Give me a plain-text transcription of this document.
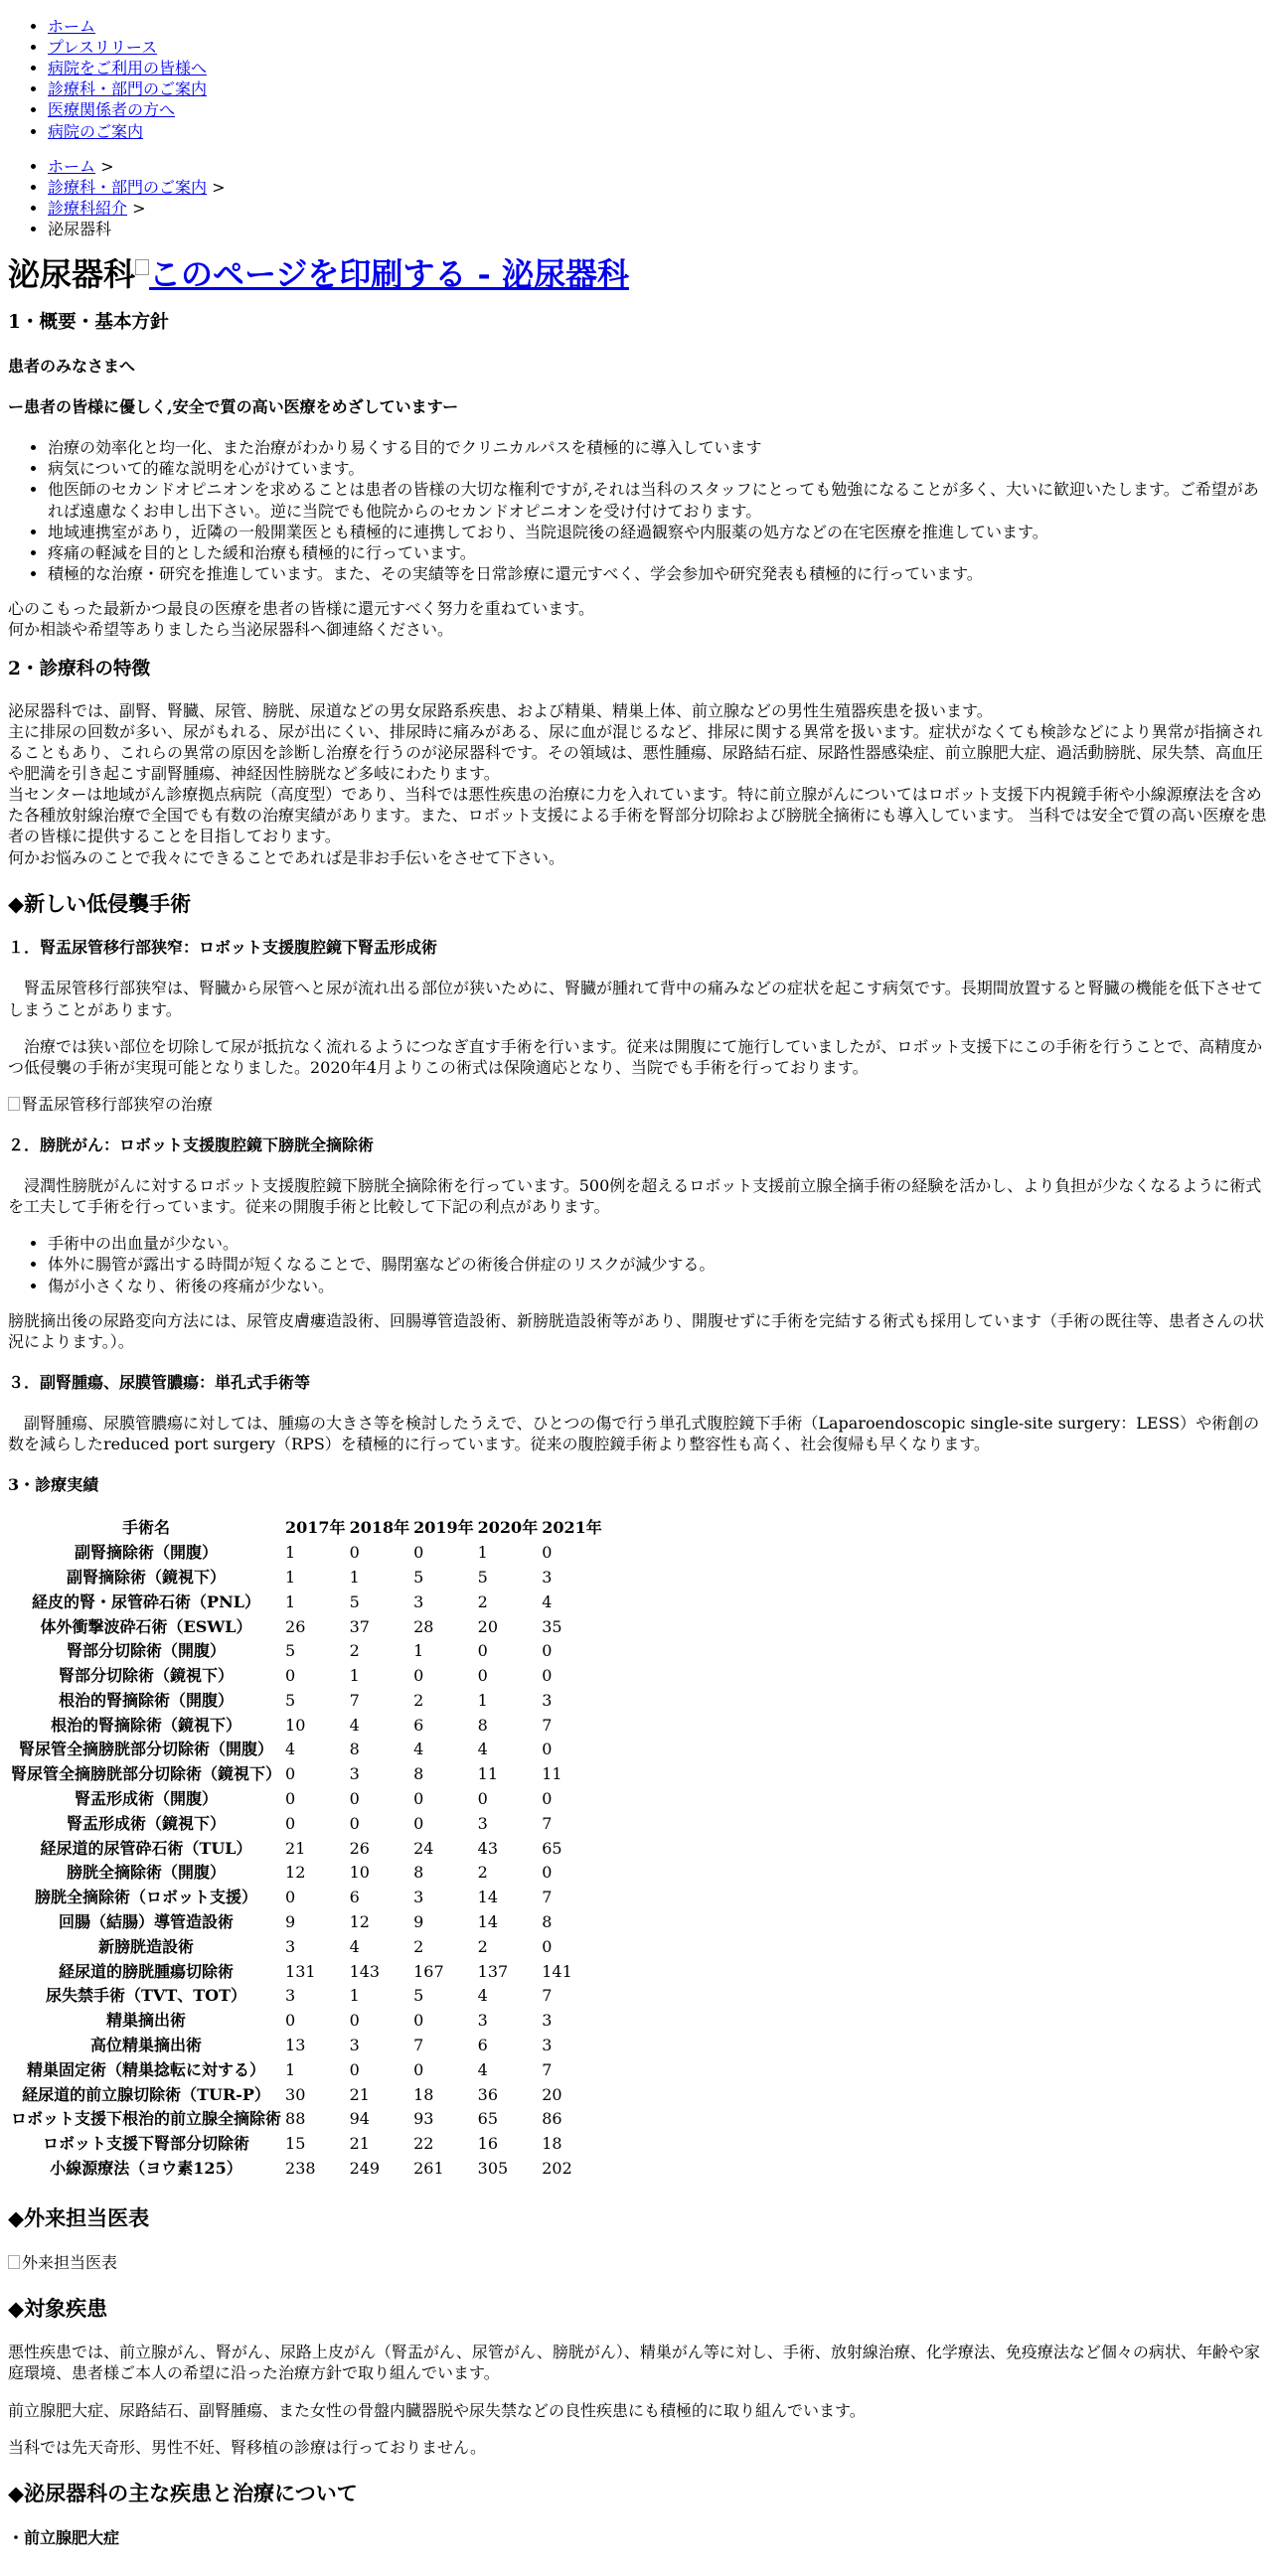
• ホーム
• プレスリリース
• 病院をご利用の皆様へ
• 診療科・部門のご案内
• 医療関係者の方へ
• 病院のご案内
• ホーム >
• 診療科・部門のご案内 >
• 診療科紹介 >
• 泌尿器科
泌尿器科 このページを印刷する - 泌尿器科
1・概要・基本方針
患者のみなさまへ
ー患者の皆様に優しく,安全で質の高い医療をめざしていますー
• 治療の効率化と均一化、また治療がわかり易くする目的でクリニカルパスを積極的に導入しています
• 病気について的確な説明を心がけています。
• 他医師のセカンドオピニオンを求めることは患者の皆様の大切な権利ですが,それは当科のスタッフにとっても勉強になることが多く、大いに歓迎いたします。ご希望があれば遠慮なくお申し出下さい。逆に当院でも他院からのセカンドオピニオンを受け付けております。
• 地域連携室があり，近隣の一般開業医とも積極的に連携しており、当院退院後の経過観察や内服薬の処方などの在宅医療を推進しています。
• 疼痛の軽減を目的とした緩和治療も積極的に行っています。
• 積極的な治療・研究を推進しています。また、その実績等を日常診療に還元すべく、学会参加や研究発表も積極的に行っています。

心のこもった最新かつ最良の医療を患者の皆様に還元すべく努力を重ねています。
何か相談や希望等ありましたら当泌尿器科へ御連絡ください。

2・診療科の特徴

泌尿器科では、副腎、腎臓、尿管、膀胱、尿道などの男女尿路系疾患、および精巣、精巣上体、前立腺などの男性生殖器疾患を扱います。
主に排尿の回数が多い、尿がもれる、尿が出にくい、排尿時に痛みがある、尿に血が混じるなど、排尿に関する異常を扱います。症状がなくても検診などにより異常が指摘されることもあり、これらの異常の原因を診断し治療を行うのが泌尿器科です。その領域は、悪性腫瘍、尿路結石症、尿路性器感染症、前立腺肥大症、過活動膀胱、尿失禁、高血圧や肥満を引き起こす副腎腫瘍、神経因性膀胱など多岐にわたります。
当センターは地域がん診療拠点病院（高度型）であり、当科では悪性疾患の治療に力を入れています。特に前立腺がんについてはロボット支援下内視鏡手術や小線源療法を含めた各種放射線治療で全国でも有数の治療実績があります。また、ロボット支援による手術を腎部分切除および膀胱全摘術にも導入しています。 当科では安全で質の高い医療を患者の皆様に提供することを目指しております。
何かお悩みのことで我々にできることであれば是非お手伝いをさせて下さい。

◆新しい低侵襲手術
１．腎盂尿管移行部狭窄：ロボット支援腹腔鏡下腎盂形成術

腎盂尿管移行部狭窄は、腎臓から尿管へと尿が流れ出る部位が狭いために、腎臓が腫れて背中の痛みなどの症状を起こす病気です。長期間放置すると腎臓の機能を低下させてしまうことがあります。

治療では狭い部位を切除して尿が抵抗なく流れるようにつなぎ直す手術を行います。従来は開腹にて施行していましたが、ロボット支援下にこの手術を行うことで、高精度かつ低侵襲の手術が実現可能となりました。2020年4月よりこの術式は保険適応となり、当院でも手術を行っております。

腎盂尿管移行部狭窄の治療
２．膀胱がん：ロボット支援腹腔鏡下膀胱全摘除術

浸潤性膀胱がんに対するロボット支援腹腔鏡下膀胱全摘除術を行っています。500例を超えるロボット支援前立腺全摘手術の経験を活かし、より負担が少なくなるように術式を工夫して手術を行っています。従来の開腹手術と比較して下記の利点があります。

• 手術中の出血量が少ない。
• 体外に腸管が露出する時間が短くなることで、腸閉塞などの術後合併症のリスクが減少する。
• 傷が小さくなり、術後の疼痛が少ない。

膀胱摘出後の尿路変向方法には、尿管皮膚瘻造設術、回腸導管造設術、新膀胱造設術等があり、開腹せずに手術を完結する術式も採用しています（手術の既往等、患者さんの状況によります。）。

３．副腎腫瘍、尿膜管膿瘍：単孔式手術等

副腎腫瘍、尿膜管膿瘍に対しては、腫瘍の大きさ等を検討したうえで、ひとつの傷で行う単孔式腹腔鏡下手術（Laparoendoscopic single-site surgery：LESS）や術創の数を減らしたreduced port surgery（RPS）を積極的に行っています。従来の腹腔鏡手術より整容性も高く、社会復帰も早くなります。

3・診療実績
手術名	2017年	2018年	2019年	2020年	2021年
副腎摘除術（開腹）	1	0	0	1	0
副腎摘除術（鏡視下）	1	1	5	5	3
経皮的腎・尿管砕石術（PNL）	1	5	3	2	4
体外衝撃波砕石術（ESWL）	26	37	28	20	35
腎部分切除術（開腹）	5	2	1	0	0
腎部分切除術（鏡視下）	0	1	0	0	0
根治的腎摘除術（開腹）	5	7	2	1	3
根治的腎摘除術（鏡視下）	10	4	6	8	7
腎尿管全摘膀胱部分切除術（開腹）	4	8	4	4	0
腎尿管全摘膀胱部分切除術（鏡視下）	0	3	8	11	11
腎盂形成術（開腹）	0	0	0	0	0
腎盂形成術（鏡視下）	0	0	0	3	7
経尿道的尿管砕石術（TUL）	21	26	24	43	65
膀胱全摘除術（開腹）	12	10	8	2	0
膀胱全摘除術（ロボット支援）	0	6	3	14	7
回腸（結腸）導管造設術	9	12	9	14	8
新膀胱造設術	3	4	2	2	0
経尿道的膀胱腫瘍切除術	131	143	167	137	141
尿失禁手術（TVT、TOT）	3	1	5	4	7
精巣摘出術	0	0	0	3	3
高位精巣摘出術	13	3	7	6	3
精巣固定術（精巣捻転に対する）	1	0	0	4	7
経尿道的前立腺切除術（TUR-P）	30	21	18	36	20
ロボット支援下根治的前立腺全摘除術	88	94	93	65	86
ロボット支援下腎部分切除術	15	21	22	16	18
小線源療法（ヨウ素125）	238	249	261	305	202
◆外来担当医表
外来担当医表
◆対象疾患

悪性疾患では、前立腺がん、腎がん、尿路上皮がん（腎盂がん、尿管がん、膀胱がん）、精巣がん等に対し、手術、放射線治療、化学療法、免疫療法など個々の病状、年齢や家庭環境、患者様ご本人の希望に沿った治療方針で取り組んでいます。

前立腺肥大症、尿路結石、副腎腫瘍、また女性の骨盤内臓器脱や尿失禁などの良性疾患にも積極的に取り組んでいます。

当科では先天奇形、男性不妊、腎移植の診療は行っておりません。

◆泌尿器科の主な疾患と治療について
・前立腺肥大症
